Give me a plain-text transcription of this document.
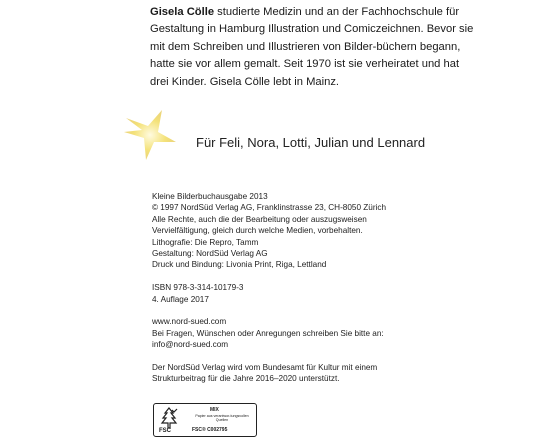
Gisela Cölle studierte Medizin und an der Fachhochschule für Gestaltung in Hamburg Illustration und Comiczeichnen. Bevor sie mit dem Schreiben und Illustrieren von Bilder-büchern begann, hatte sie vor allem gemalt. Seit 1970 ist sie verheiratet und hat drei Kinder. Gisela Cölle lebt in Mainz.
Für Feli, Nora, Lotti, Julian und Lennard
Kleine Bilderbuchausgabe 2013
© 1997 NordSüd Verlag AG, Franklinstrasse 23, CH-8050 Zürich
Alle Rechte, auch die der Bearbeitung oder auszugsweisen
Vervielfältigung, gleich durch welche Medien, vorbehalten.
Lithografie: Die Repro, Tamm
Gestaltung: NordSüd Verlag AG
Druck und Bindung: Livonia Print, Riga, Lettland
ISBN 978-3-314-10179-3
4. Auflage 2017
www.nord-sued.com
Bei Fragen, Wünschen oder Anregungen schreiben Sie bitte an:
info@nord-sued.com
Der NordSüd Verlag wird vom Bundesamt für Kultur mit einem
Strukturbeitrag für die Jahre 2016–2020 unterstützt.
FSC
MIX
Papier aus verantwor-tungsvollen Quellen
FSC® C002795
